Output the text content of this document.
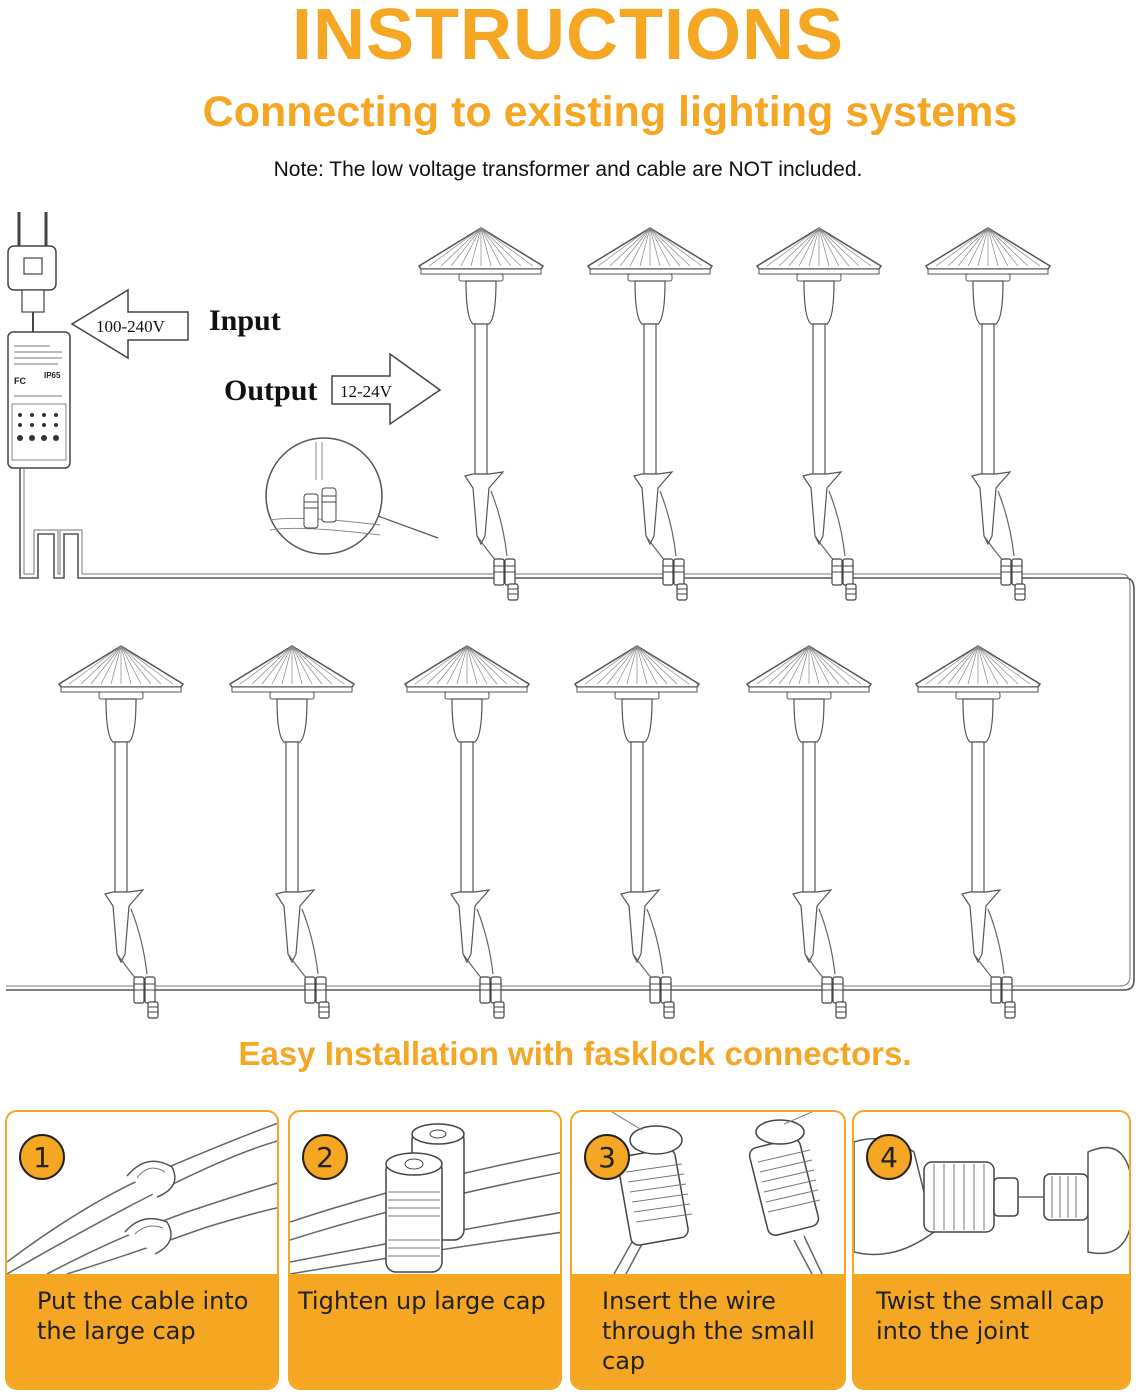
INSTRUCTIONS
Connecting to existing lighting systems
Note: The low voltage transformer and cable are NOT included.
FC
IP65
100-240V Input
12-24V
Output
Easy Installation with fasklock connectors.
1
Put the cable into the large cap
2
Tighten up large cap
3
Insert the wire through the small cap
4
Twist the small cap into the joint
